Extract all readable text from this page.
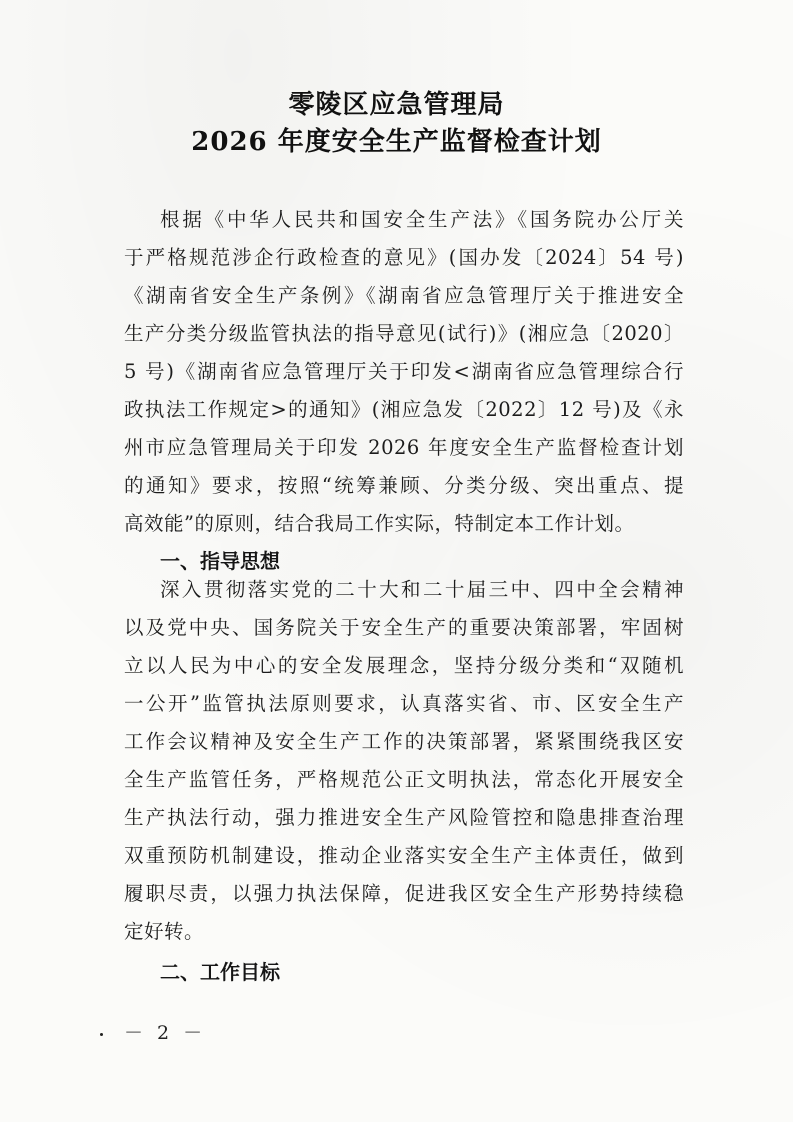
零陵区应急管理局
2026 年度安全生产监督检查计划
根据《中华人民共和国安全生产法》《国务院办公厅关
于严格规范涉企行政检查的意见》(国办发〔2024〕54 号)
《湖南省安全生产条例》《湖南省应急管理厅关于推进安全
生产分类分级监管执法的指导意见(试行)》(湘应急〔2020〕
5 号)《湖南省应急管理厅关于印发<湖南省应急管理综合行
政执法工作规定>的通知》(湘应急发〔2022〕12 号)及《永
州市应急管理局关于印发 2026 年度安全生产监督检查计划
的通知》要求，按照“统筹兼顾、分类分级、突出重点、提
高效能”的原则，结合我局工作实际，特制定本工作计划。
一、指导思想
深入贯彻落实党的二十大和二十届三中、四中全会精神
以及党中央、国务院关于安全生产的重要决策部署，牢固树
立以人民为中心的安全发展理念，坚持分级分类和“双随机
一公开”监管执法原则要求，认真落实省、市、区安全生产
工作会议精神及安全生产工作的决策部署，紧紧围绕我区安
全生产监管任务，严格规范公正文明执法，常态化开展安全
生产执法行动，强力推进安全生产风险管控和隐患排查治理
双重预防机制建设，推动企业落实安全生产主体责任，做到
履职尽责，以强力执法保障，促进我区安全生产形势持续稳
定好转。
二、工作目标
－ 2 －
